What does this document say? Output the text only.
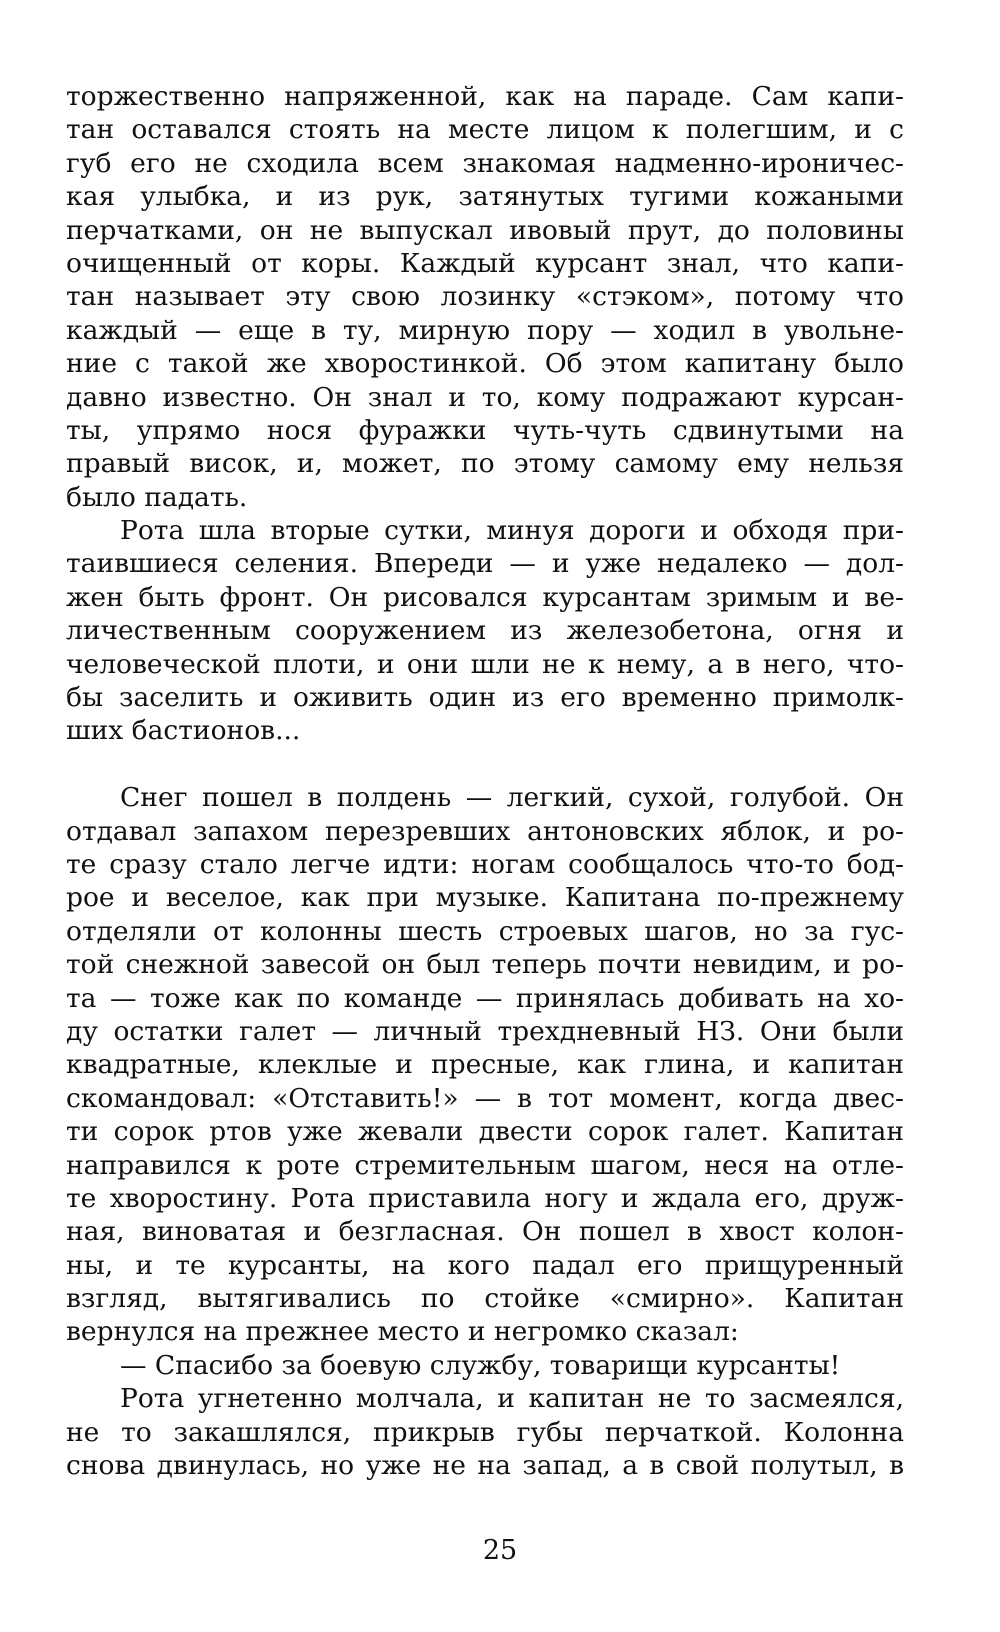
торжественно напряженной, как на параде. Сам капи-
тан оставался стоять на месте лицом к полегшим, и с
губ его не сходила всем знакомая надменно-ироничес-
кая улыбка, и из рук, затянутых тугими кожаными
перчатками, он не выпускал ивовый прут, до половины
очищенный от коры. Каждый курсант знал, что капи-
тан называет эту свою лозинку «стэком», потому что
каждый — еще в ту, мирную пору — ходил в увольне-
ние с такой же хворостинкой. Об этом капитану было
давно известно. Он знал и то, кому подражают курсан-
ты, упрямо нося фуражки чуть-чуть сдвинутыми на
правый висок, и, может, по этому самому ему нельзя
было падать.
Рота шла вторые сутки, минуя дороги и обходя при-
таившиеся селения. Впереди — и уже недалеко — дол-
жен быть фронт. Он рисовался курсантам зримым и ве-
личественным сооружением из железобетона, огня и
человеческой плоти, и они шли не к нему, а в него, что-
бы заселить и оживить один из его временно примолк-
ших бастионов...
Снег пошел в полдень — легкий, сухой, голубой. Он
отдавал запахом перезревших антоновских яблок, и ро-
те сразу стало легче идти: ногам сообщалось что-то бод-
рое и веселое, как при музыке. Капитана по-прежнему
отделяли от колонны шесть строевых шагов, но за гус-
той снежной завесой он был теперь почти невидим, и ро-
та — тоже как по команде — принялась добивать на хо-
ду остатки галет — личный трехдневный НЗ. Они были
квадратные, клеклые и пресные, как глина, и капитан
скомандовал: «Отставить!» — в тот момент, когда двес-
ти сорок ртов уже жевали двести сорок галет. Капитан
направился к роте стремительным шагом, неся на отле-
те хворостину. Рота приставила ногу и ждала его, друж-
ная, виноватая и безгласная. Он пошел в хвост колон-
ны, и те курсанты, на кого падал его прищуренный
взгляд, вытягивались по стойке «смирно». Капитан
вернулся на прежнее место и негромко сказал:
— Спасибо за боевую службу, товарищи курсанты!
Рота угнетенно молчала, и капитан не то засмеялся,
не то закашлялся, прикрыв губы перчаткой. Колонна
снова двинулась, но уже не на запад, а в свой полутыл, в
25
